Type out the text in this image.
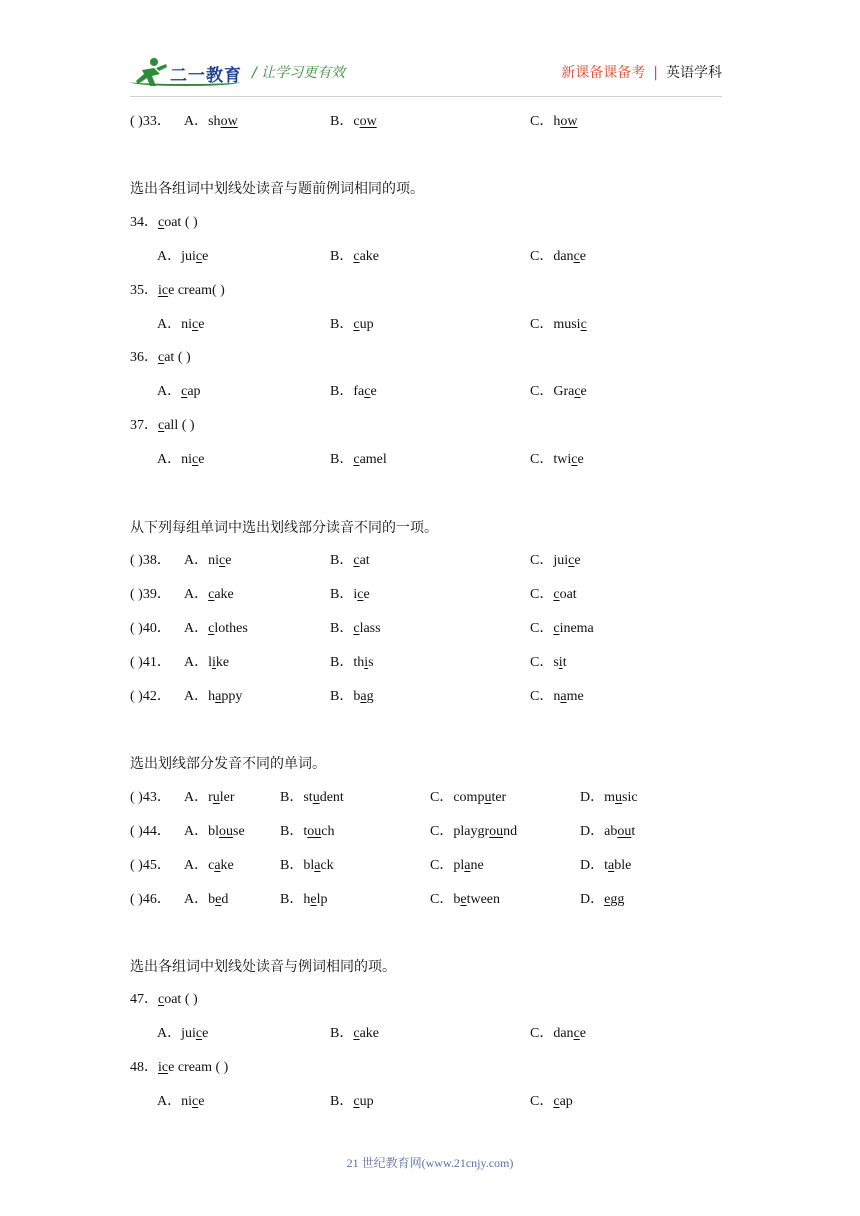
二一教育 / 让学习更有效	新课备课备考 | 英语学科
( )33． A．show	B．cow	C．how
选出各组词中划线处读音与题前例词相同的项。
34．coat ( )
A．juice	B．cake	C．dance
35．ice cream( )
A．nice	B．cup	C．music
36．cat ( )
A．cap	B．face	C．Grace
37．call ( )
A．nice	B．camel	C．twice
从下列每组单词中选出划线部分读音不同的一项。
( )38． A．nice	B．cat	C．juice
( )39． A．cake	B．ice	C．coat
( )40． A．clothes	B．class	C．cinema
( )41． A．like	B．this	C．sit
( )42． A．happy	B．bag	C．name
选出划线部分发音不同的单词。
( )43． A．ruler	B．student	C．computer	D．music
( )44． A．blouse	B．touch	C．playground	D．about
( )45． A．cake	B．black	C．plane	D．table
( )46． A．bed	B．help	C．between	D．egg
选出各组词中划线处读音与例词相同的项。
47．coat ( )
A．juice	B．cake	C．dance
48．ice cream ( )
A．nice	B．cup	C．cap
21 世纪教育网(www.21cnjy.com)
